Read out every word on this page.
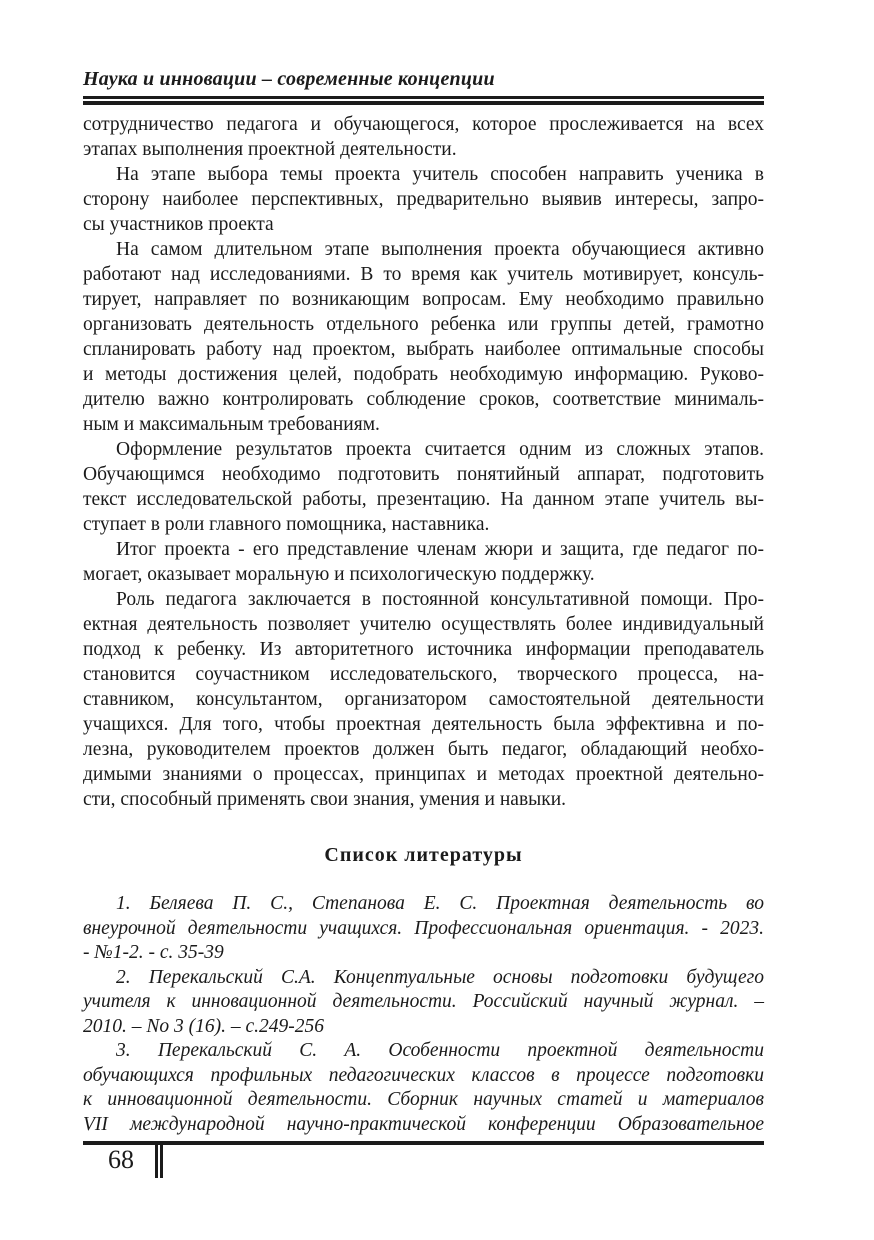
Наука и инновации – современные концепции
сотрудничество педагога и обучающегося, которое прослеживается на всех
этапах выполнения проектной деятельности.
На этапе выбора темы проекта учитель способен направить ученика в
сторону наиболее перспективных, предварительно выявив интересы, запро-
сы участников проекта
На самом длительном этапе выполнения проекта обучающиеся активно
работают над исследованиями. В то время как учитель мотивирует, консуль-
тирует, направляет по возникающим вопросам. Ему необходимо правильно
организовать деятельность отдельного ребенка или группы детей, грамотно
спланировать работу над проектом, выбрать наиболее оптимальные способы
и методы достижения целей, подобрать необходимую информацию. Руково-
дителю важно контролировать соблюдение сроков, соответствие минималь-
ным и максимальным требованиям.
Оформление результатов проекта считается одним из сложных этапов.
Обучающимся необходимо подготовить понятийный аппарат, подготовить
текст исследовательской работы, презентацию. На данном этапе учитель вы-
ступает в роли главного помощника, наставника.
Итог проекта - его представление членам жюри и защита, где педагог по-
могает, оказывает моральную и психологическую поддержку.
Роль педагога заключается в постоянной консультативной помощи. Про-
ектная деятельность позволяет учителю осуществлять более индивидуальный
подход к ребенку. Из авторитетного источника информации преподаватель
становится соучастником исследовательского, творческого процесса, на-
ставником, консультантом, организатором самостоятельной деятельности
учащихся. Для того, чтобы проектная деятельность была эффективна и по-
лезна, руководителем проектов должен быть педагог, обладающий необхо-
димыми знаниями о процессах, принципах и методах проектной деятельно-
сти, способный применять свои знания, умения и навыки.
Список литературы
1. Беляева П. С., Степанова Е. С. Проектная деятельность во
внеурочной деятельности учащихся. Профессиональная ориентация. - 2023.
- №1-2. - с. 35-39
2. Перекальский С.А. Концептуальные основы подготовки будущего
учителя к инновационной деятельности. Российский научный журнал. –
2010. – No 3 (16). – с.249-256
3. Перекальский С. А. Особенности проектной деятельности
обучающихся профильных педагогических классов в процессе подготовки
к инновационной деятельности. Сборник научных статей и материалов
VII международной научно-практической конференции Образовательное
68
